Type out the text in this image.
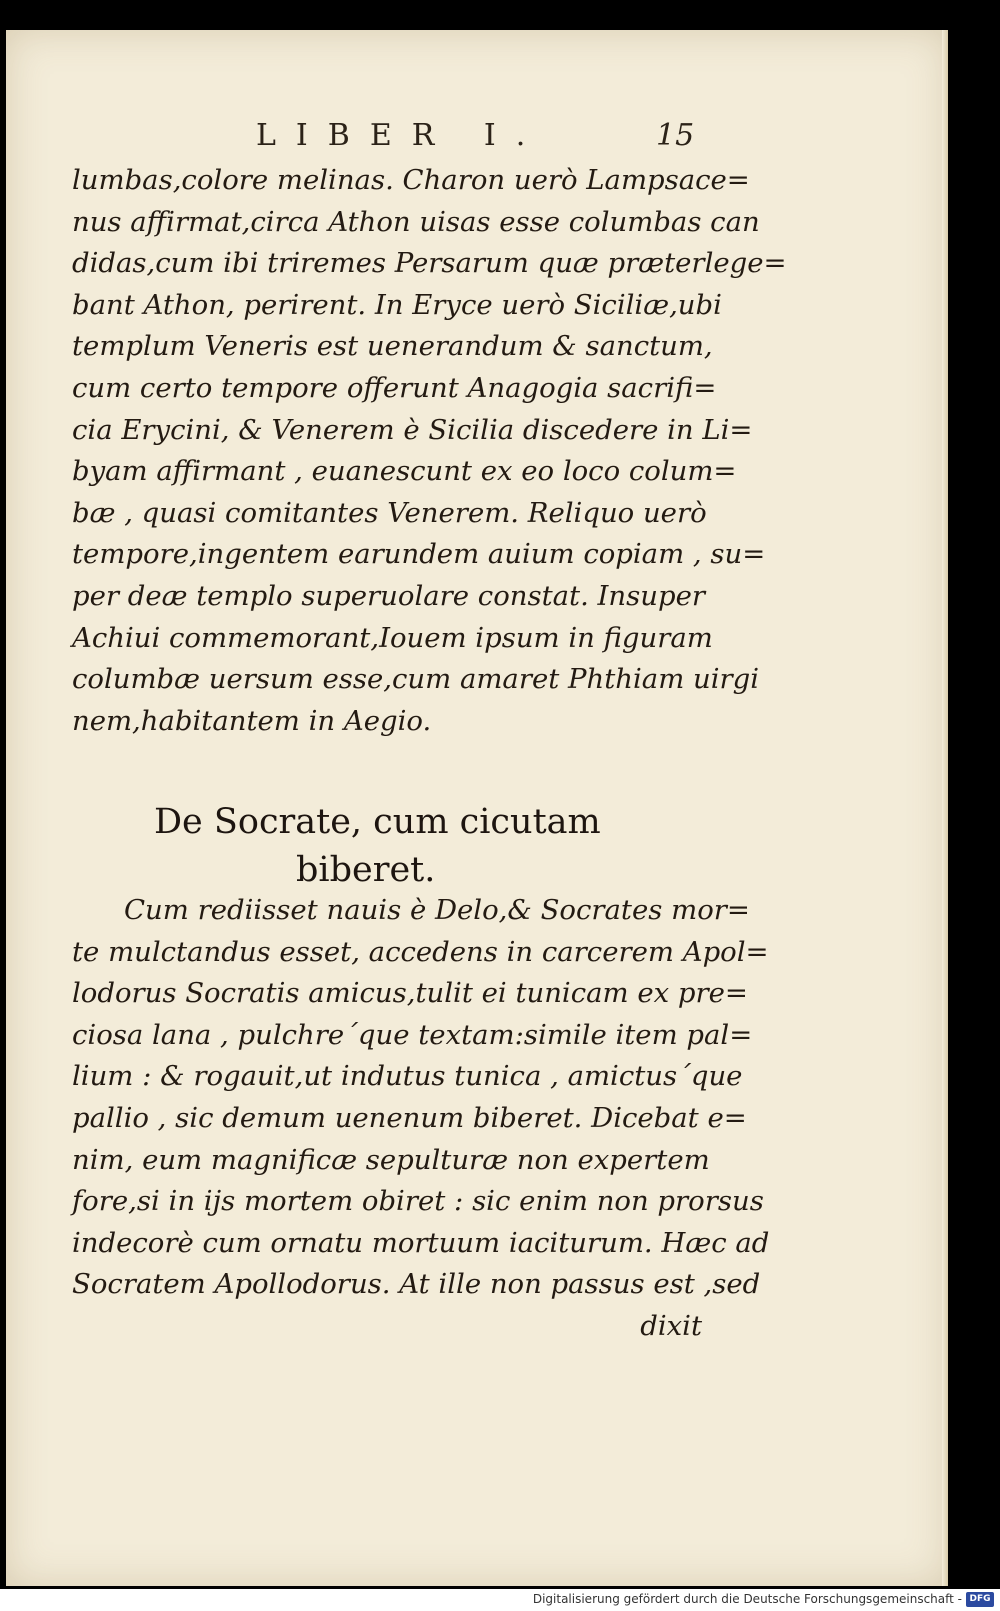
LIBER I.	15
lumbas,colore melinas. Charon uerò Lampsace=
nus affirmat,circa Athon uisas esse columbas can
didas,cum ibi triremes Persarum quæ præterlege=
bant Athon, perirent. In Eryce uerò Siciliæ,ubi
templum Veneris est uenerandum & sanctum,
cum certo tempore offerunt Anagogia sacrifi=
cia Erycini, & Venerem è Sicilia discedere in Li=
byam affirmant , euanescunt ex eo loco colum=
bæ , quasi comitantes Venerem. Reliquo uerò
tempore,ingentem earundem auium copiam , su=
per deæ templo superuolare constat. Insuper
Achiui commemorant,Iouem ipsum in figuram
columbæ uersum esse,cum amaret Phthiam uirgi
nem,habitantem in Aegio.
De Socrate, cum cicutam
biberet.
Cum rediisset nauis è Delo,& Socrates mor=
te mulctandus esset, accedens in carcerem Apol=
lodorus Socratis amicus,tulit ei tunicam ex pre=
ciosa lana , pulchre´que textam:simile item pal=
lium : & rogauit,ut indutus tunica , amictus´que
pallio , sic demum uenenum biberet. Dicebat e=
nim, eum magnificæ sepulturæ non expertem
fore,si in ijs mortem obiret : sic enim non prorsus
indecorè cum ornatu mortuum iaciturum. Hæc ad
Socratem Apollodorus. At ille non passus est ,sed
dixit
Digitalisierung gefördert durch die Deutsche Forschungsgemeinschaft - DFG
